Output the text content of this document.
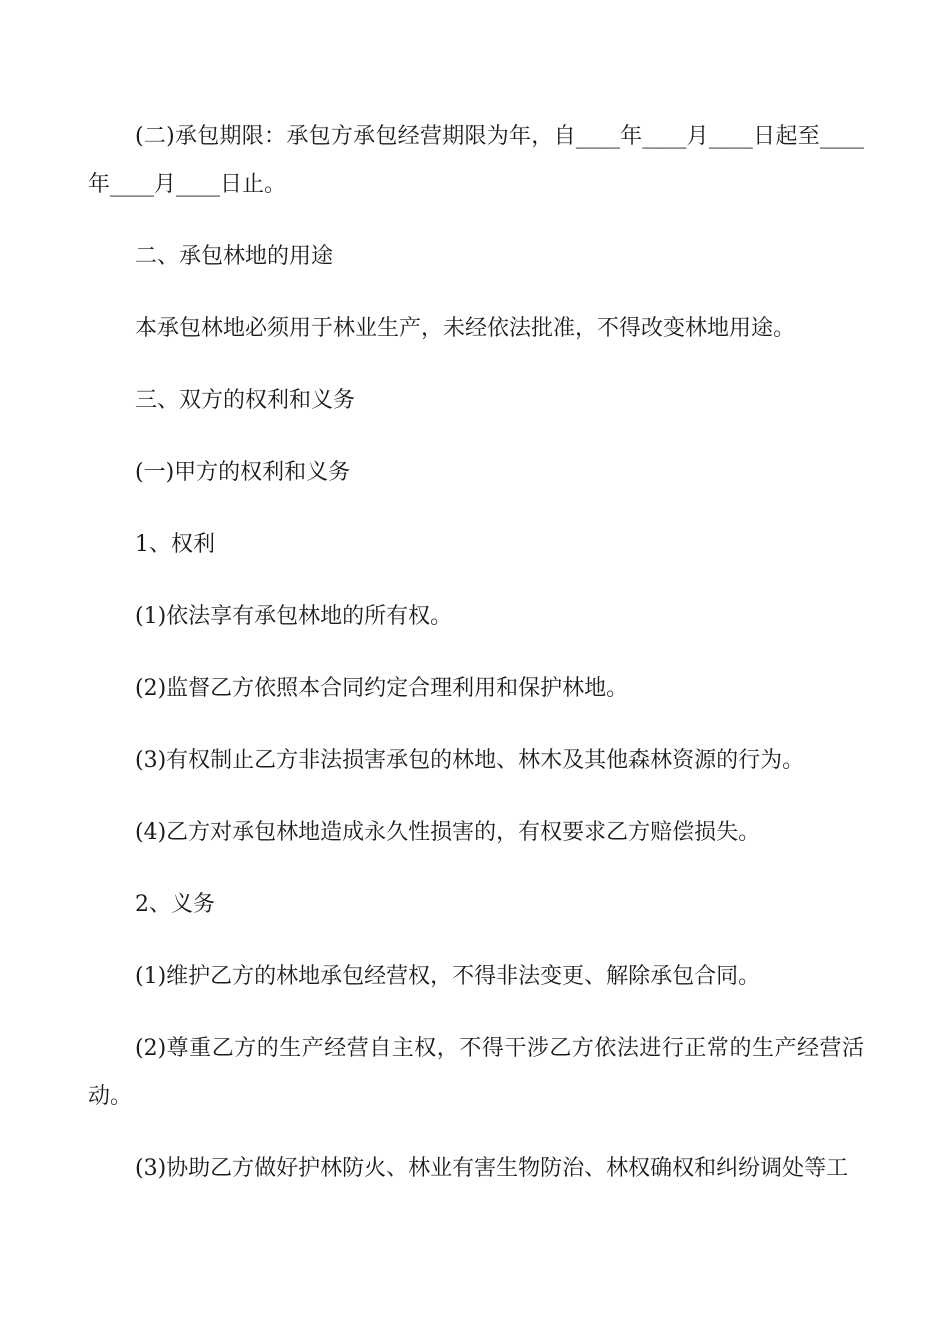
(二)承包期限：承包方承包经营期限为年，自____年____月____日起至____年____月____日止。

二、承包林地的用途

本承包林地必须用于林业生产，未经依法批准，不得改变林地用途。

三、双方的权利和义务

(一)甲方的权利和义务

1、权利

(1)依法享有承包林地的所有权。

(2)监督乙方依照本合同约定合理利用和保护林地。

(3)有权制止乙方非法损害承包的林地、林木及其他森林资源的行为。

(4)乙方对承包林地造成永久性损害的，有权要求乙方赔偿损失。

2、义务

(1)维护乙方的林地承包经营权，不得非法变更、解除承包合同。

(2)尊重乙方的生产经营自主权，不得干涉乙方依法进行正常的生产经营活动。

(3)协助乙方做好护林防火、林业有害生物防治、林权确权和纠纷调处等工
